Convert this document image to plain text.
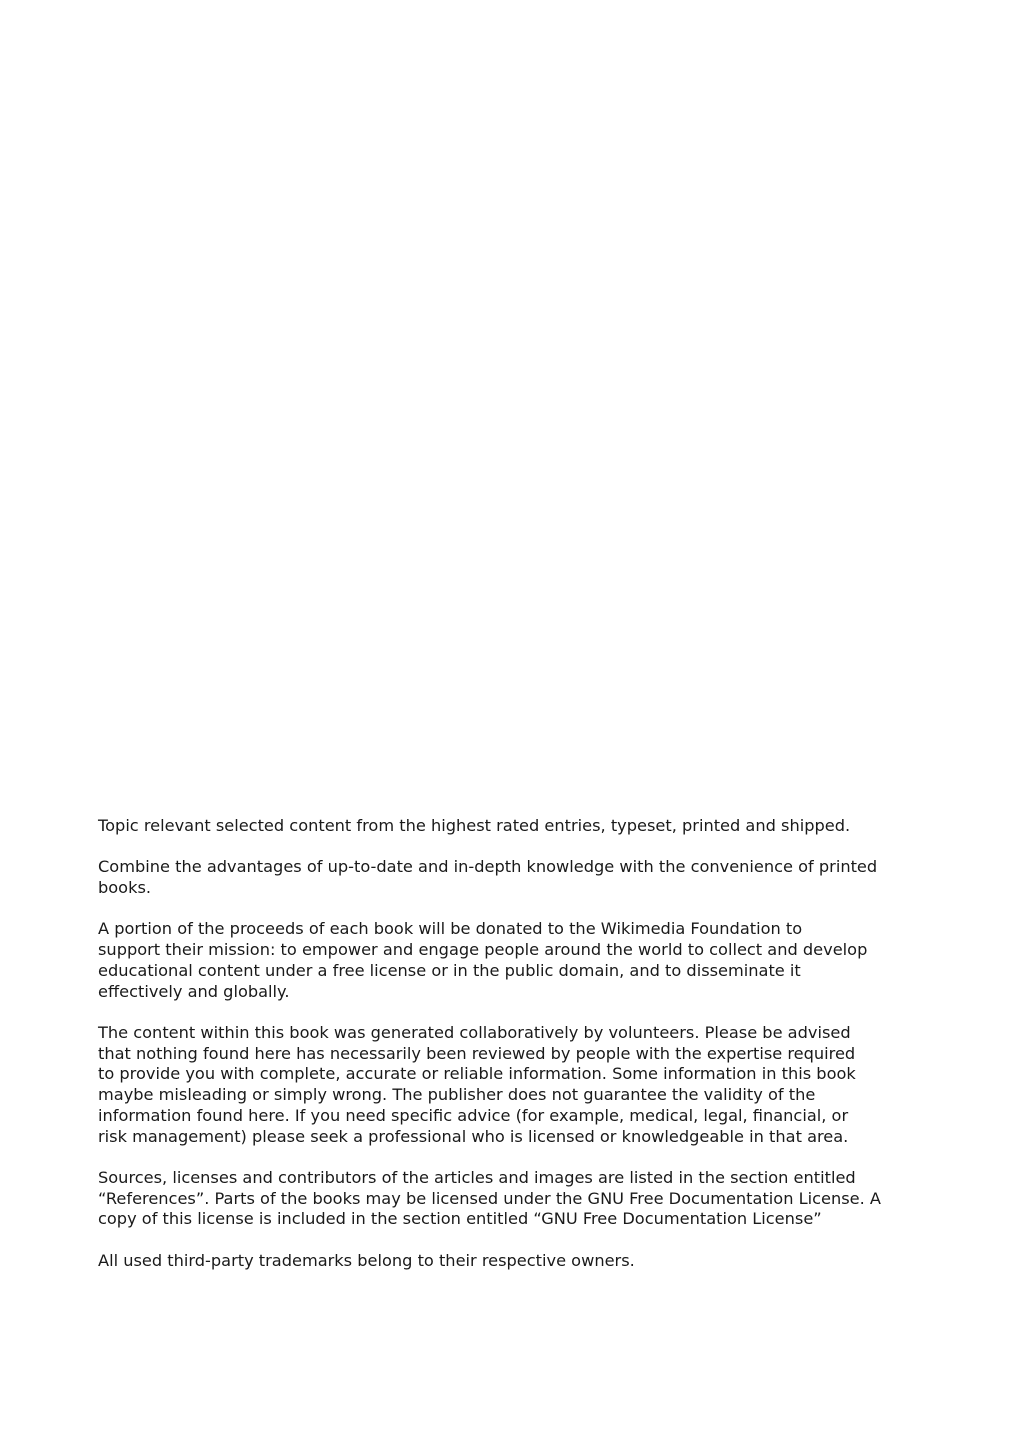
Topic relevant selected content from the highest rated entries, typeset, printed and shipped.

Combine the advantages of up-to-date and in-depth knowledge with the convenience of printed
books.

A portion of the proceeds of each book will be donated to the Wikimedia Foundation to
support their mission: to empower and engage people around the world to collect and develop
educational content under a free license or in the public domain, and to disseminate it
effectively and globally.

The content within this book was generated collaboratively by volunteers. Please be advised
that nothing found here has necessarily been reviewed by people with the expertise required
to provide you with complete, accurate or reliable information. Some information in this book
maybe misleading or simply wrong. The publisher does not guarantee the validity of the
information found here. If you need specific advice (for example, medical, legal, financial, or
risk management) please seek a professional who is licensed or knowledgeable in that area.

Sources, licenses and contributors of the articles and images are listed in the section entitled
“References”. Parts of the books may be licensed under the GNU Free Documentation License. A
copy of this license is included in the section entitled “GNU Free Documentation License”

All used third-party trademarks belong to their respective owners.
